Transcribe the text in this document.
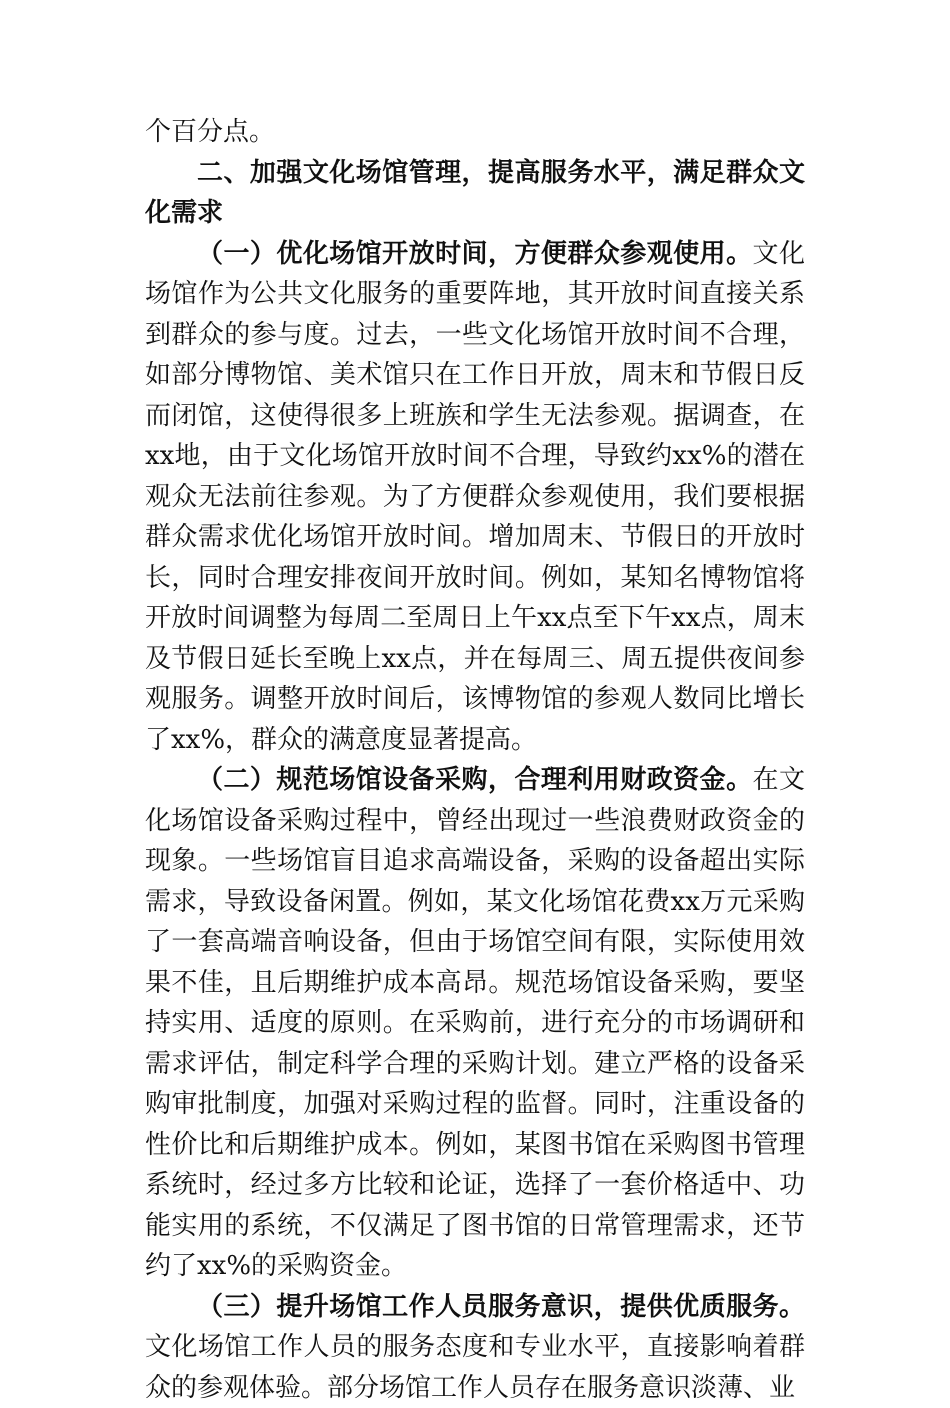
个百分点。

二、加强文化场馆管理，提高服务水平，满足群众文化需求

（一）优化场馆开放时间，方便群众参观使用。文化场馆作为公共文化服务的重要阵地，其开放时间直接关系到群众的参与度。过去，一些文化场馆开放时间不合理，如部分博物馆、美术馆只在工作日开放，周末和节假日反而闭馆，这使得很多上班族和学生无法参观。据调查，在xx地，由于文化场馆开放时间不合理，导致约xx%的潜在观众无法前往参观。为了方便群众参观使用，我们要根据群众需求优化场馆开放时间。增加周末、节假日的开放时长，同时合理安排夜间开放时间。例如，某知名博物馆将开放时间调整为每周二至周日上午xx点至下午xx点，周末及节假日延长至晚上xx点，并在每周三、周五提供夜间参观服务。调整开放时间后，该博物馆的参观人数同比增长了xx%，群众的满意度显著提高。

（二）规范场馆设备采购，合理利用财政资金。在文化场馆设备采购过程中，曾经出现过一些浪费财政资金的现象。一些场馆盲目追求高端设备，采购的设备超出实际需求，导致设备闲置。例如，某文化场馆花费xx万元采购了一套高端音响设备，但由于场馆空间有限，实际使用效果不佳，且后期维护成本高昂。规范场馆设备采购，要坚持实用、适度的原则。在采购前，进行充分的市场调研和需求评估，制定科学合理的采购计划。建立严格的设备采购审批制度，加强对采购过程的监督。同时，注重设备的性价比和后期维护成本。例如，某图书馆在采购图书管理系统时，经过多方比较和论证，选择了一套价格适中、功能实用的系统，不仅满足了图书馆的日常管理需求，还节约了xx%的采购资金。

（三）提升场馆工作人员服务意识，提供优质服务。文化场馆工作人员的服务态度和专业水平，直接影响着群众的参观体验。部分场馆工作人员存在服务意识淡薄、业
